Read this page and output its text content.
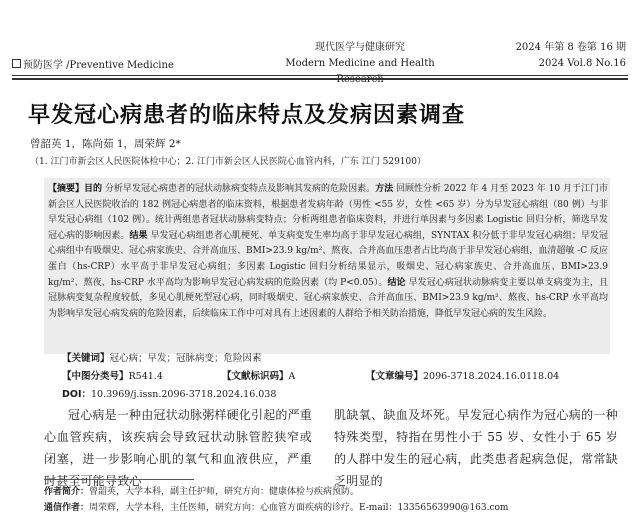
预防医学 /Preventive Medicine
现代医学与健康研究
Modern Medicine and Health Research
2024 年第 8 卷第 16 期
2024 Vol.8 No.16
早发冠心病患者的临床特点及发病因素调查
曾韶英 1，陈尚茹 1，周荣辉 2*
（1. 江门市新会区人民医院体检中心；2. 江门市新会区人民医院心血管内科，广东 江门 529100）
【摘要】目的 分析早发冠心病患者的冠状动脉病变特点及影响其发病的危险因素。方法 回顾性分析 2022 年 4 月至 2023 年 10 月于江门市新会区人民医院收治的 182 例冠心病患者的临床资料，根据患者发病年龄（男性 <55 岁，女性 <65 岁）分为早发冠心病组（80 例）与非早发冠心病组（102 例）。统计两组患者冠状动脉病变特点；分析两组患者临床资料，并进行单因素与多因素 Logistic 回归分析，筛选早发冠心病的影响因素。结果 早发冠心病组患者心肌梗死、单支病变发生率均高于非早发冠心病组，SYNTAX 积分低于非早发冠心病组；早发冠心病组中有吸烟史、冠心病家族史、合并高血压、BMI>23.9 kg/m²、熬夜、合并高血压患者占比均高于非早发冠心病组，血清超敏 -C 反应蛋白（hs-CRP）水平高于非早发冠心病组；多因素 Logistic 回归分析结果显示，吸烟史、冠心病家族史、合并高血压、BMI>23.9 kg/m²、熬夜、hs-CRP 水平高均为影响早发冠心病发病的危险因素（均 P<0.05）。结论 早发冠心病冠状动脉病变主要以单支病变为主，且冠脉病变复杂程度较低，多见心肌梗死型冠心病，同时吸烟史、冠心病家族史、合并高血压、BMI>23.9 kg/m²、熬夜、hs-CRP 水平高均为影响早发冠心病发病的危险因素，后续临床工作中可对具有上述因素的人群给予相关防治措施，降低早发冠心病的发生风险。
【关键词】冠心病；早发；冠脉病变；危险因素
【中图分类号】R541.4	【文献标识码】A	【文章编号】2096-3718.2024.16.0118.04
DOI：10.3969/j.issn.2096-3718.2024.16.038
冠心病是一种由冠状动脉粥样硬化引起的严重心血管疾病，该疾病会导致冠状动脉管腔狭窄或闭塞，进一步影响心肌的氧气和血液供应，严重时甚至可能导致心
肌缺氧、缺血及坏死。早发冠心病作为冠心病的一种特殊类型，特指在男性小于 55 岁、女性小于 65 岁的人群中发生的冠心病，此类患者起病急促，常常缺乏明显的
作者简介：曾韶英，大学本科，副主任护师，研究方向：健康体检与疾病预防。
通信作者：周荣辉，大学本科，主任医师，研究方向：心血管方面疾病的诊疗。E-mail：13356563990@163.com
